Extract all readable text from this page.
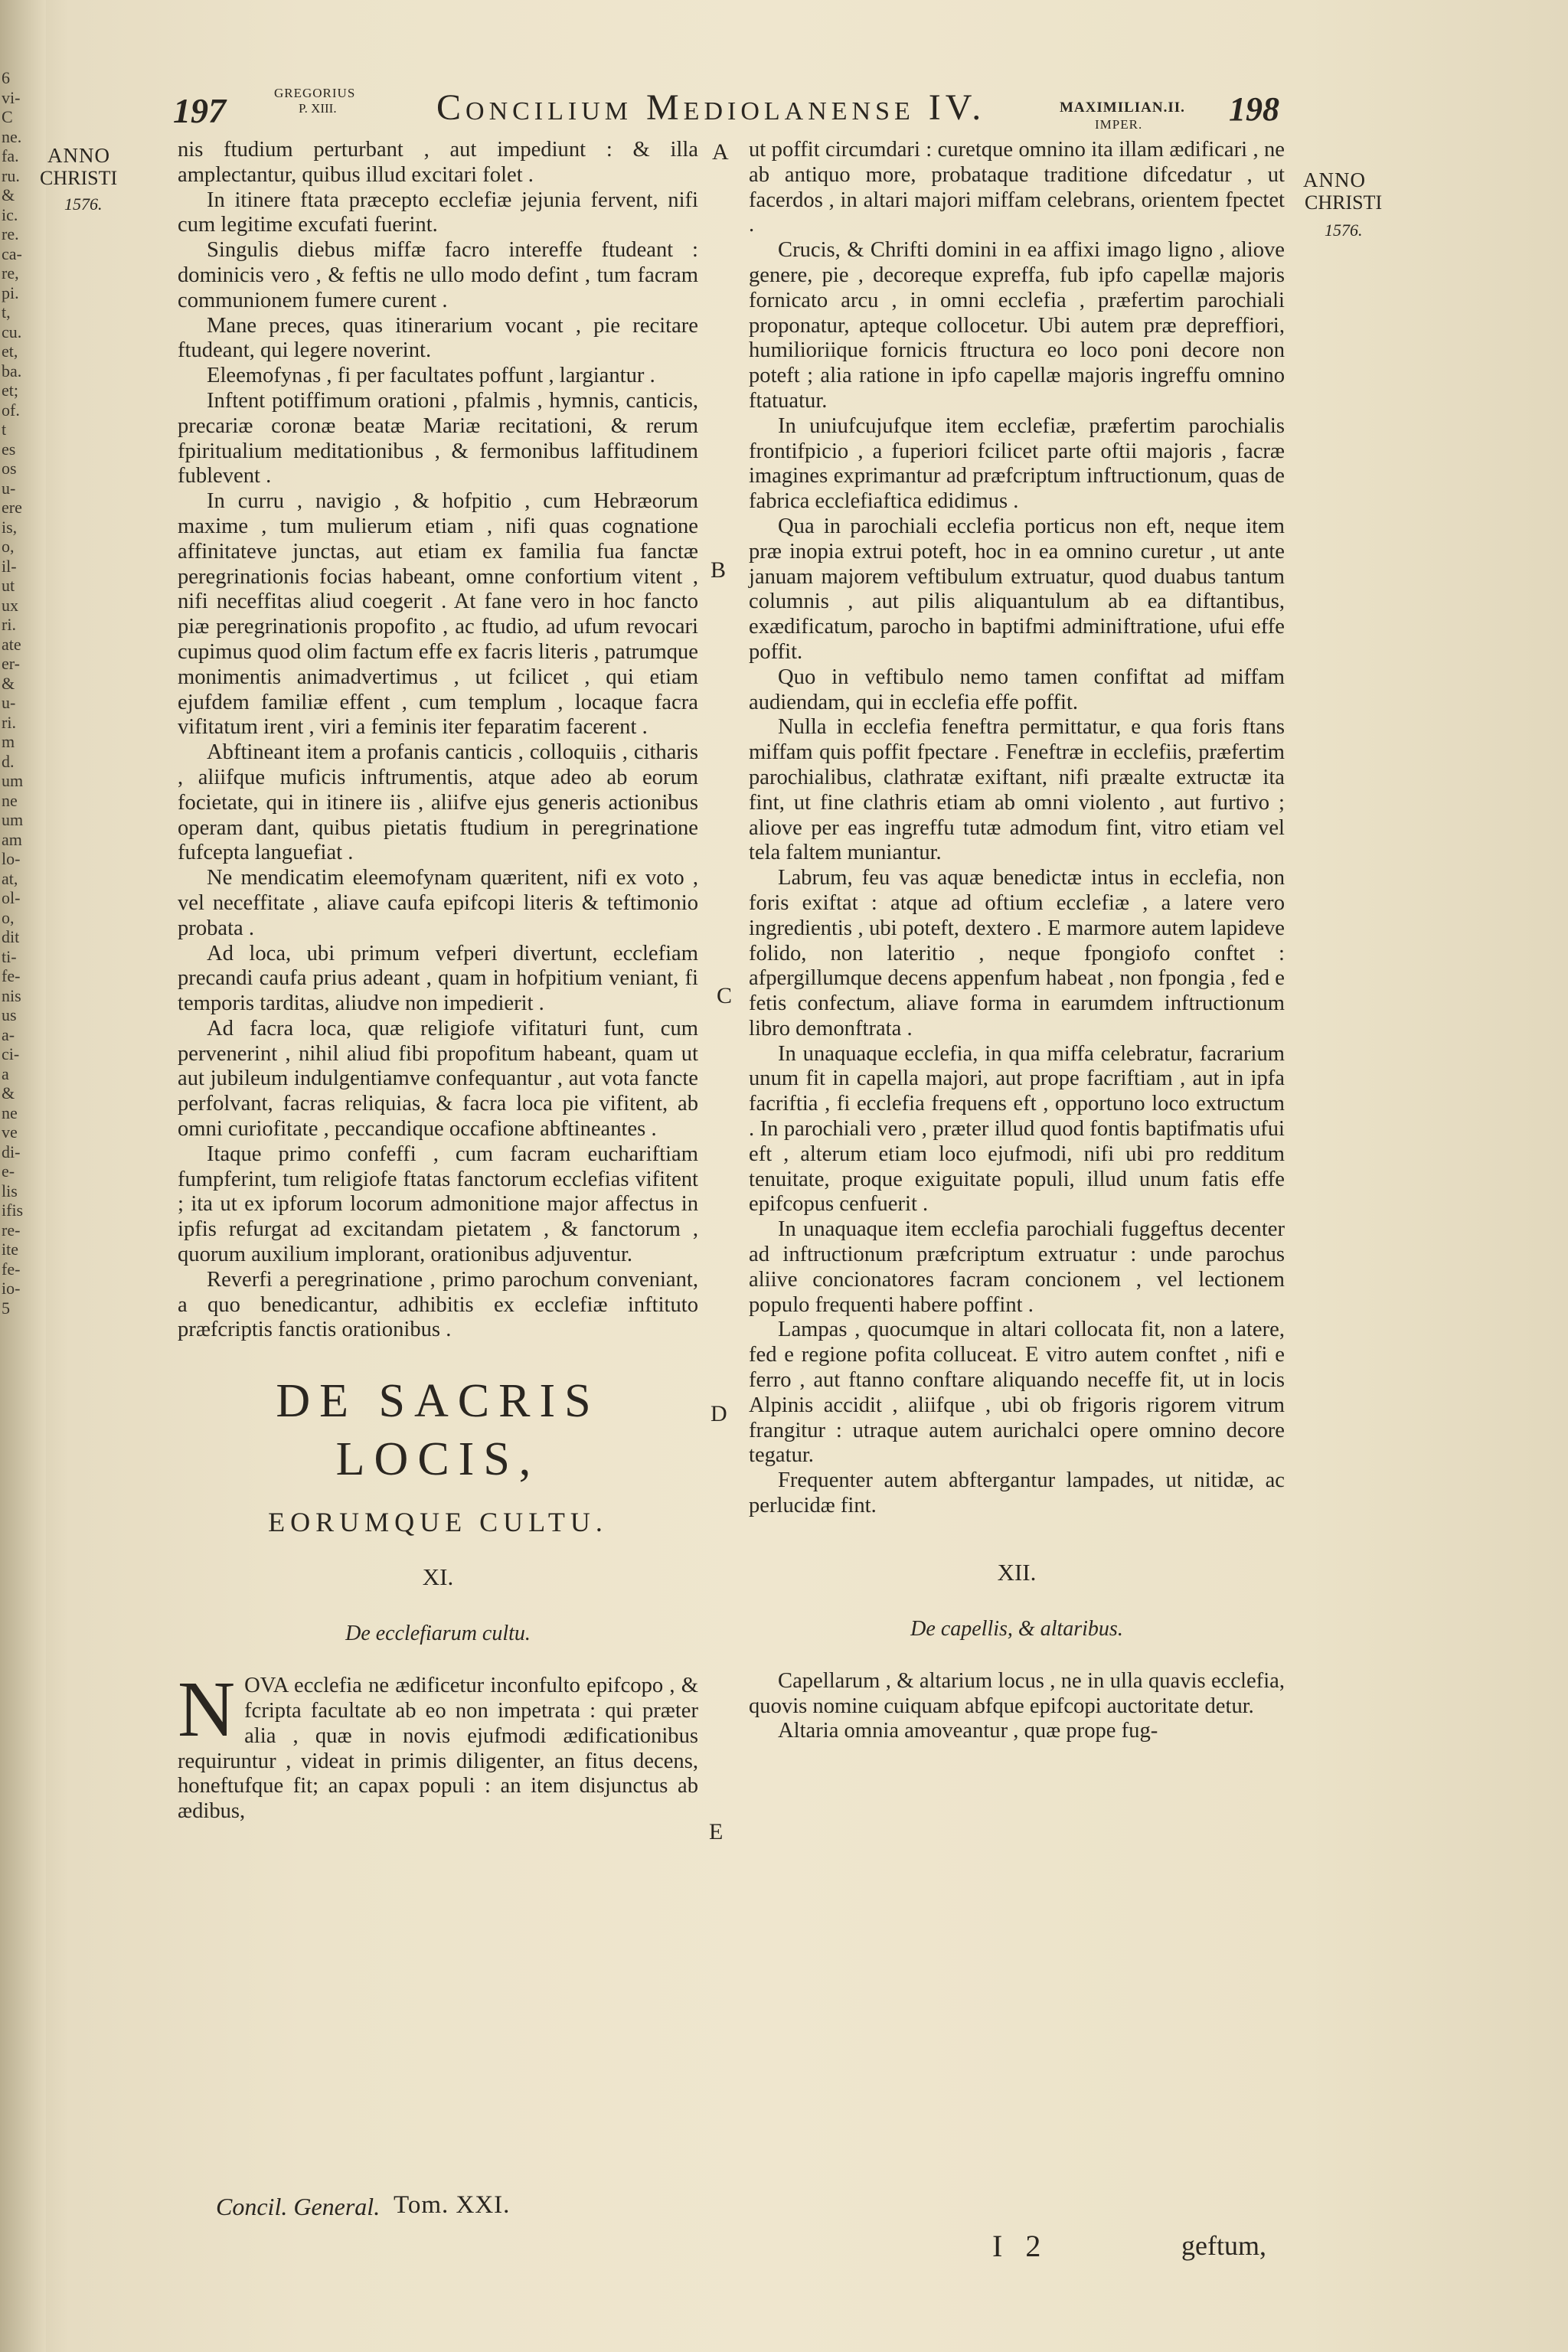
6
vi-
C
ne.
fa.
ru.
&
ic.
re.
ca-
re,
pi.
t,
cu.
et,
ba.
et;
of.
t
es
os
u-
ere
is,
o,
il-
ut
ux
ri.
ate
er-
&
u-
ri.
m
d.
um
ne
um
am
lo-
at,
ol-
o,
dit
ti-
fe-
nis
us
a-
ci-
a
&
ne
ve
di-
e-
lis
ifis
re-
ite
fe-
io-
5
197	GREGORIUS
P. XIII.	Concilium Mediolanense IV.	MAXIMILIAN.II.
IMPER.	198
ANNO
CHRISTI
1576.
ANNO
CHRISTI
1576.
A
B
C
D
E

nis ftudium perturbant , aut impediunt : & illa amplectantur, quibus illud excitari folet .

In itinere ftata præcepto ecclefiæ jejunia fervent, nifi cum legitime excufati fuerint.

Singulis diebus miffæ facro intereffe ftudeant : dominicis vero , & feftis ne ullo modo defint , tum facram communionem fumere curent .

Mane preces, quas itinerarium vocant , pie recitare ftudeant, qui legere noverint.

Eleemofynas , fi per facultates poffunt , largiantur .

Inftent potiffimum orationi , pfalmis , hymnis, canticis, precariæ coronæ beatæ Mariæ recitationi, & rerum fpiritualium meditationibus , & fermonibus laffitudinem fublevent .

In curru , navigio , & hofpitio , cum Hebræorum maxime , tum mulierum etiam , nifi quas cognatione affinitateve junctas, aut etiam ex familia fua fanctæ peregrinationis focias habeant, omne confortium vitent , nifi neceffitas aliud coegerit . At fane vero in hoc fancto piæ peregrinationis propofito , ac ftudio, ad ufum revocari cupimus quod olim factum effe ex facris literis , patrumque monimentis animadvertimus , ut fcilicet , qui etiam ejufdem familiæ effent , cum templum , locaque facra vifitatum irent , viri a feminis iter feparatim facerent .

Abftineant item a profanis canticis , colloquiis , citharis , aliifque muficis inftrumentis, atque adeo ab eorum focietate, qui in itinere iis , aliifve ejus generis actionibus operam dant, quibus pietatis ftudium in peregrinatione fufcepta languefiat .

Ne mendicatim eleemofynam quæritent, nifi ex voto , vel neceffitate , aliave caufa epifcopi literis & teftimonio probata .

Ad loca, ubi primum vefperi divertunt, ecclefiam precandi caufa prius adeant , quam in hofpitium veniant, fi temporis tarditas, aliudve non impedierit .

Ad facra loca, quæ religiofe vifitaturi funt, cum pervenerint , nihil aliud fibi propofitum habeant, quam ut aut jubileum indulgentiamve confequantur , aut vota fancte perfolvant, facras reliquias, & facra loca pie vifitent, ab omni curiofitate , peccandique occafione abftineantes .

Itaque primo confeffi , cum facram euchariftiam fumpferint, tum religiofe ftatas fanctorum ecclefias vifitent ; ita ut ex ipforum locorum admonitione major affectus in ipfis refurgat ad excitandam pietatem , & fanctorum , quorum auxilium implorant, orationibus adjuventur.

Reverfi a peregrinatione , primo parochum conveniant, a quo benedicantur, adhibitis ex ecclefiæ inftituto præfcriptis fanctis orationibus .

DE SACRIS LOCIS,
EORUMQUE CULTU.
XI.
De ecclefiarum cultu.
N OVA ecclefia ne ædificetur inconfulto epifcopo , & fcripta facultate ab eo non impetrata : qui præter alia , quæ in novis ejufmodi ædificationibus requiruntur , videat in primis diligenter, an fitus decens, honeftufque fit; an capax populi : an item disjunctus ab ædibus,

ut poffit circumdari : curetque omnino ita illam ædificari , ne ab antiquo more, probataque traditione difcedatur , ut facerdos , in altari majori miffam celebrans, orientem fpectet .

Crucis, & Chrifti domini in ea affixi imago ligno , aliove genere, pie , decoreque expreffa, fub ipfo capellæ majoris fornicato arcu , in omni ecclefia , præfertim parochiali proponatur, apteque collocetur. Ubi autem præ depreffiori, humilioriique fornicis ftructura eo loco poni decore non poteft ; alia ratione in ipfo capellæ majoris ingreffu omnino ftatuatur.

In uniufcujufque item ecclefiæ, præfertim parochialis frontifpicio , a fuperiori fcilicet parte oftii majoris , facræ imagines exprimantur ad præfcriptum inftructionum, quas de fabrica ecclefiaftica edidimus .

Qua in parochiali ecclefia porticus non eft, neque item præ inopia extrui poteft, hoc in ea omnino curetur , ut ante januam majorem veftibulum extruatur, quod duabus tantum columnis , aut pilis aliquantulum ab ea diftantibus, exædificatum, parocho in baptifmi adminiftratione, ufui effe poffit.

Quo in veftibulo nemo tamen confiftat ad miffam audiendam, qui in ecclefia effe poffit.

Nulla in ecclefia feneftra permittatur, e qua foris ftans miffam quis poffit fpectare . Feneftræ in ecclefiis, præfertim parochialibus, clathratæ exiftant, nifi præalte extructæ ita fint, ut fine clathris etiam ab omni violento , aut furtivo ; aliove per eas ingreffu tutæ admodum fint, vitro etiam vel tela faltem muniantur.

Labrum, feu vas aquæ benedictæ intus in ecclefia, non foris exiftat : atque ad oftium ecclefiæ , a latere vero ingredientis , ubi poteft, dextero . E marmore autem lapideve folido, non lateritio , neque fpongiofo conftet : afpergillumque decens appenfum habeat , non fpongia , fed e fetis confectum, aliave forma in earumdem inftructionum libro demonftrata .

In unaquaque ecclefia, in qua miffa celebratur, facrarium unum fit in capella majori, aut prope facriftiam , aut in ipfa facriftia , fi ecclefia frequens eft , opportuno loco extructum . In parochiali vero , præter illud quod fontis baptifmatis ufui eft , alterum etiam loco ejufmodi, nifi ubi pro redditum tenuitate, proque exiguitate populi, illud unum fatis effe epifcopus cenfuerit .

In unaquaque item ecclefia parochiali fuggeftus decenter ad inftructionum præfcriptum extruatur : unde parochus aliive concionatores facram concionem , vel lectionem populo frequenti habere poffint .

Lampas , quocumque in altari collocata fit, non a latere, fed e regione pofita colluceat. E vitro autem conftet , nifi e ferro , aut ftanno conftare aliquando neceffe fit, ut in locis Alpinis accidit , aliifque , ubi ob frigoris rigorem vitrum frangitur : utraque autem aurichalci opere omnino decore tegatur.

Frequenter autem abftergantur lampades, ut nitidæ, ac perlucidæ fint.

XII.
De capellis, & altaribus.

Capellarum , & altarium locus , ne in ulla quavis ecclefia, quovis nomine cuiquam abfque epifcopi auctoritate detur.

Altaria omnia amoveantur , quæ prope fug-

Concil. General. Tom. XXI.
I 2	geftum,
